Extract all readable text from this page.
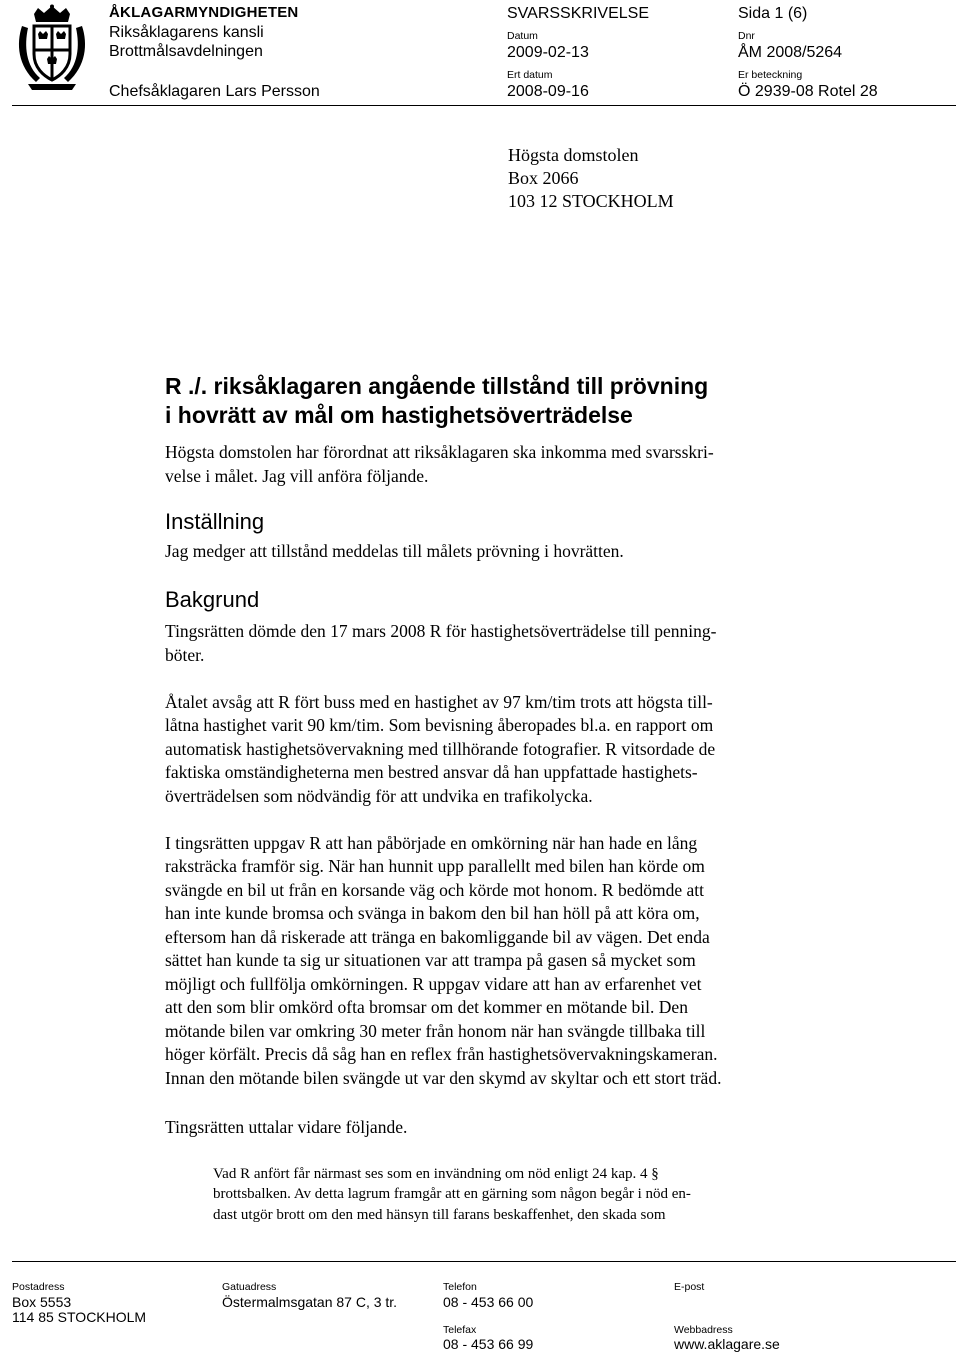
ÅKLAGARMYNDIGHETEN
Riksåklagarens kansli
Brottmålsavdelningen
Chefsåklagaren Lars Persson
SVARSSKRIVELSE
Datum
2009-02-13
Ert datum
2008-09-16
Sida 1 (6)
Dnr
ÅM 2008/5264
Er beteckning
Ö 2939-08 Rotel 28
Högsta domstolen
Box 2066
103 12 STOCKHOLM
R ./. riksåklagaren angående tillstånd till prövning
i hovrätt av mål om hastighetsöverträdelse
Högsta domstolen har förordnat att riksåklagaren ska inkomma med svarsskri-
velse i målet. Jag vill anföra följande.
Inställning
Jag medger att tillstånd meddelas till målets prövning i hovrätten.
Bakgrund
Tingsrätten dömde den 17 mars 2008 R för hastighetsöverträdelse till penning-
böter.
Åtalet avsåg att R fört buss med en hastighet av 97 km/tim trots att högsta till-
låtna hastighet varit 90 km/tim. Som bevisning åberopades bl.a. en rapport om
automatisk hastighetsövervakning med tillhörande fotografier. R vitsordade de
faktiska omständigheterna men bestred ansvar då han uppfattade hastighets-
överträdelsen som nödvändig för att undvika en trafikolycka.
I tingsrätten uppgav R att han påbörjade en omkörning när han hade en lång
raksträcka framför sig. När han hunnit upp parallellt med bilen han körde om
svängde en bil ut från en korsande väg och körde mot honom. R bedömde att
han inte kunde bromsa och svänga in bakom den bil han höll på att köra om,
eftersom han då riskerade att tränga en bakomliggande bil av vägen. Det enda
sättet han kunde ta sig ur situationen var att trampa på gasen så mycket som
möjligt och fullfölja omkörningen. R uppgav vidare att han av erfarenhet vet
att den som blir omkörd ofta bromsar om det kommer en mötande bil. Den
mötande bilen var omkring 30 meter från honom när han svängde tillbaka till
höger körfält. Precis då såg han en reflex från hastighetsövervakningskameran.
Innan den mötande bilen svängde ut var den skymd av skyltar och ett stort träd.
Tingsrätten uttalar vidare följande.
Vad R anfört får närmast ses som en invändning om nöd enligt 24 kap. 4 §
brottsbalken. Av detta lagrum framgår att en gärning som någon begår i nöd en-
dast utgör brott om den med hänsyn till farans beskaffenhet, den skada som
Postadress
Box 5553
114 85 STOCKHOLM
Gatuadress
Östermalmsgatan 87 C, 3 tr.
Telefon
08 - 453 66 00
Telefax
08 - 453 66 99
E-post
Webbadress
www.aklagare.se
